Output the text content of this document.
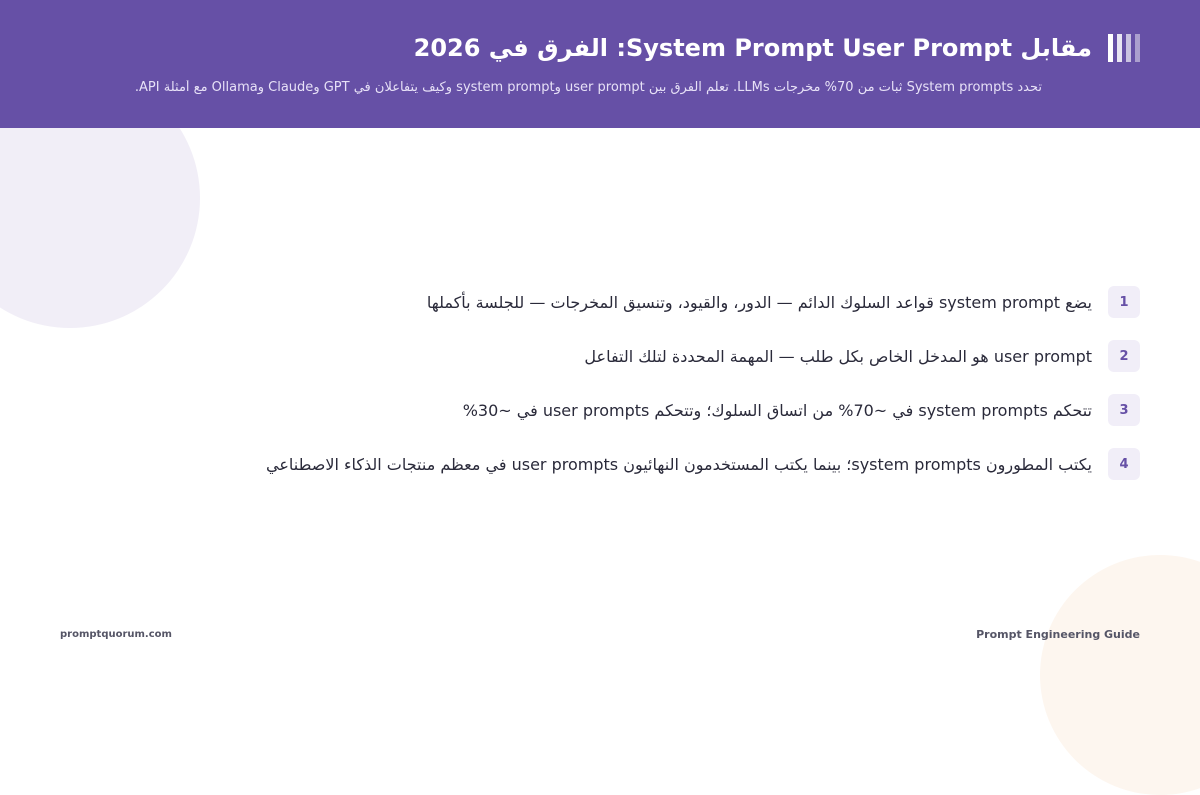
مقابل System Prompt User Prompt: الفرق في 2026
تحدد System prompts ثبات من 70% مخرجات LLMs. تعلّم الفرق بين user prompt وsystem prompt وكيف يتفاعلان في GPT وClaude وOllama مع أمثلة API.
1
يضع system prompt قواعد السلوك الدائم — الدور، والقيود، وتنسيق المخرجات — للجلسة بأكملها
2
user prompt هو المدخل الخاص بكل طلب — المهمة المحددة لتلك التفاعل
3
تتحكم system prompts في ~70% من اتساق السلوك؛ وتتحكم user prompts في ~30%
4
يكتب المطورون system prompts؛ بينما يكتب المستخدمون النهائيون user prompts في معظم منتجات الذكاء الاصطناعي
promptquorum.com	Prompt Engineering Guide
